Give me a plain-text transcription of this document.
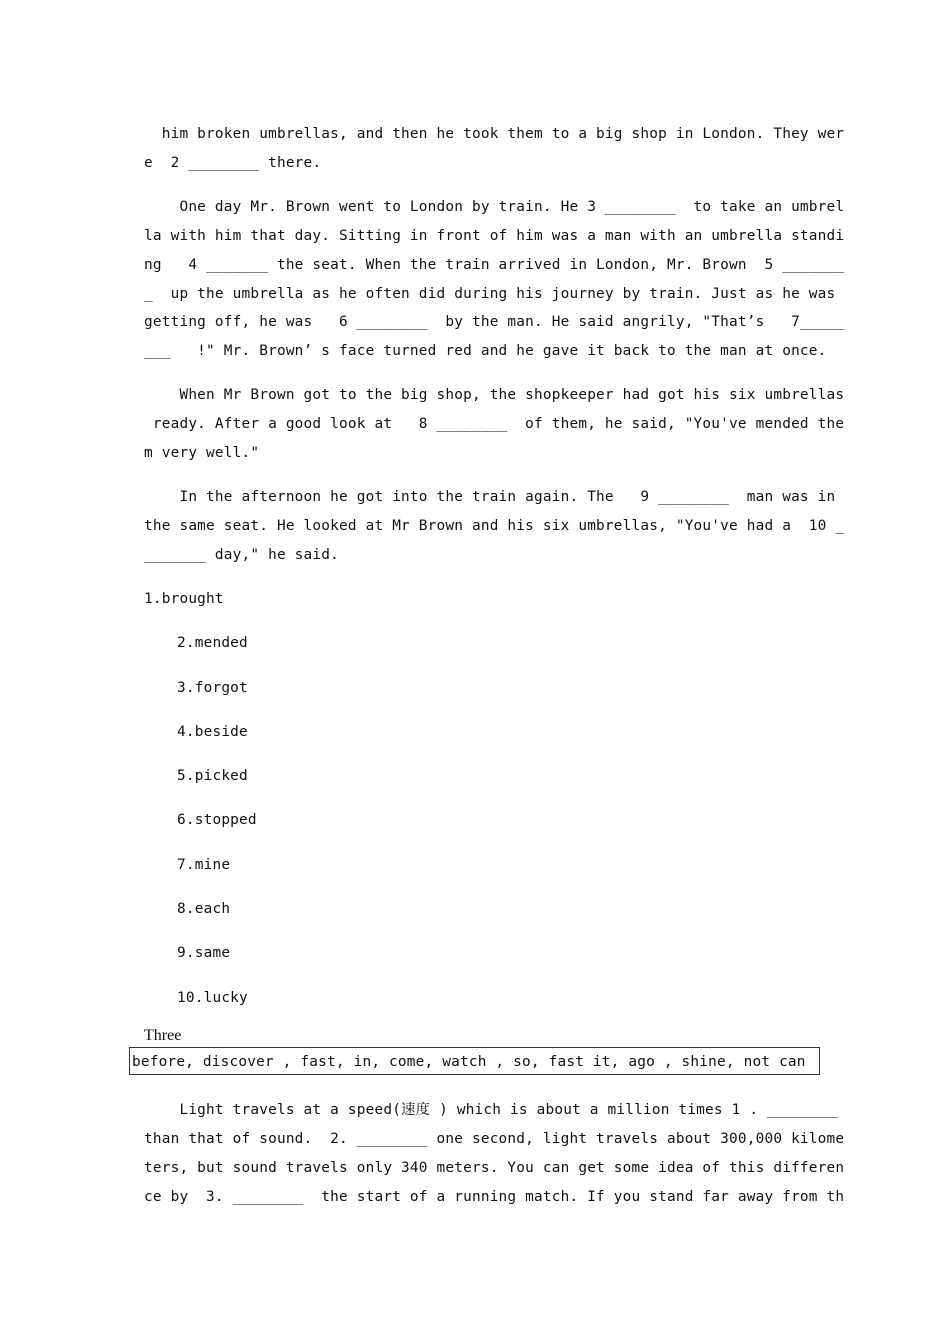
him broken umbrellas, and then he took them to a big shop in London. They wer
e  2 ________ there.
One day Mr. Brown went to London by train. He 3 ________  to take an umbrel
la with him that day. Sitting in front of him was a man with an umbrella standi
ng   4 _______ the seat. When the train arrived in London, Mr. Brown  5 _______
_  up the umbrella as he often did during his journey by train. Just as he was
getting off, he was   6 ________  by the man. He said angrily, "That’s   7_____
___   !" Mr. Brown’ s face turned red and he gave it back to the man at once.
When Mr Brown got to the big shop, the shopkeeper had got his six umbrellas
ready. After a good look at   8 ________  of them, he said, "You've mended the
m very well."
In the afternoon he got into the train again. The   9 ________  man was in
the same seat. He looked at Mr Brown and his six umbrellas, "You've had a  10 _
_______ day," he said.
1.brought
2.mended
3.forgot
4.beside
5.picked
6.stopped
7.mine
8.each
9.same
10.lucky
Three
before, discover , fast, in, come, watch , so, fast it, ago , shine, not can
Light travels at a speed(速度 ) which is about a million times 1 . ________
than that of sound.  2. ________ one second, light travels about 300,000 kilome
ters, but sound travels only 340 meters. You can get some idea of this differen
ce by  3. ________  the start of a running match. If you stand far away from th
